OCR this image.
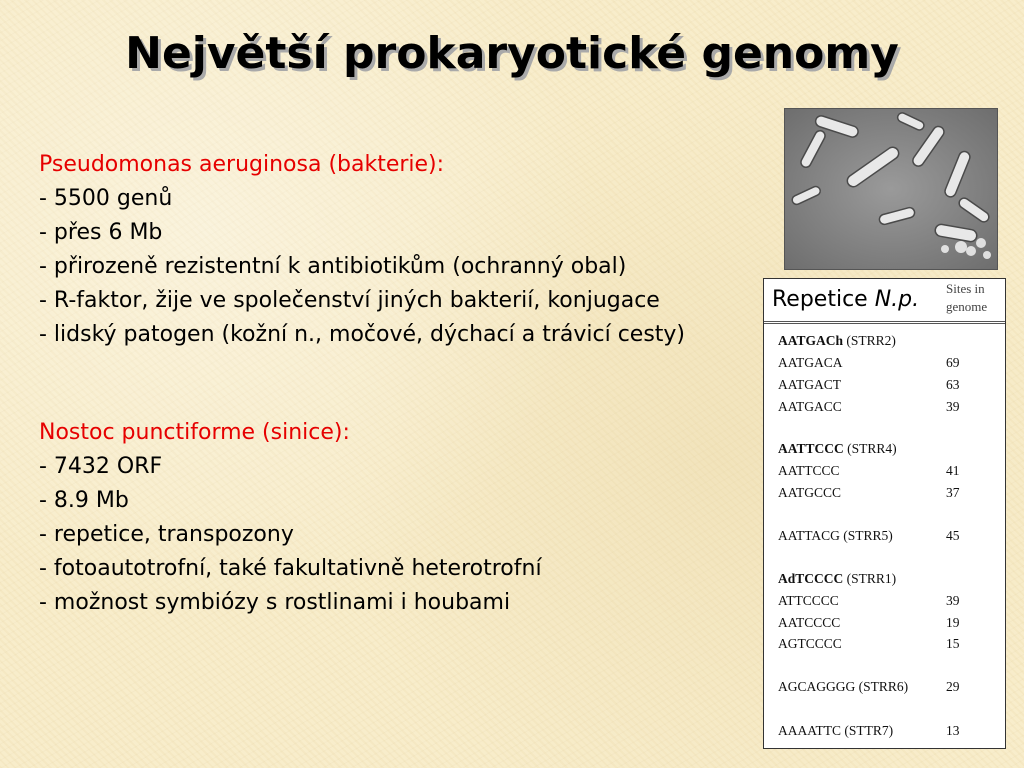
Největší prokaryotické genomy
Pseudomonas aeruginosa (bakterie):
- 5500 genů
- přes 6 Mb
- přirozeně rezistentní k antibiotikům (ochranný obal)
- R-faktor, žije ve společenství jiných bakterií, konjugace
- lidský patogen (kožní n., močové, dýchací a trávicí cesty)
Nostoc punctiforme (sinice):
- 7432 ORF
- 8.9 Mb
- repetice, transpozony
- fotoautotrofní, také fakultativně heterotrofní
- možnost symbiózy s rostlinami i houbami
Repetice N.p. Sites in
genome
AATGACh (STRR2)
AATGACA	69
AATGACT	63
AATGACC	39
AATTCCC (STRR4)
AATTCCC	41
AATGCCC	37
AATTACG (STRR5)	45
AdTCCCC (STRR1)
ATTCCCC	39
AATCCCC	19
AGTCCCC	15
AGCAGGGG (STRR6)	29
AAAATTC (STTR7)	13
